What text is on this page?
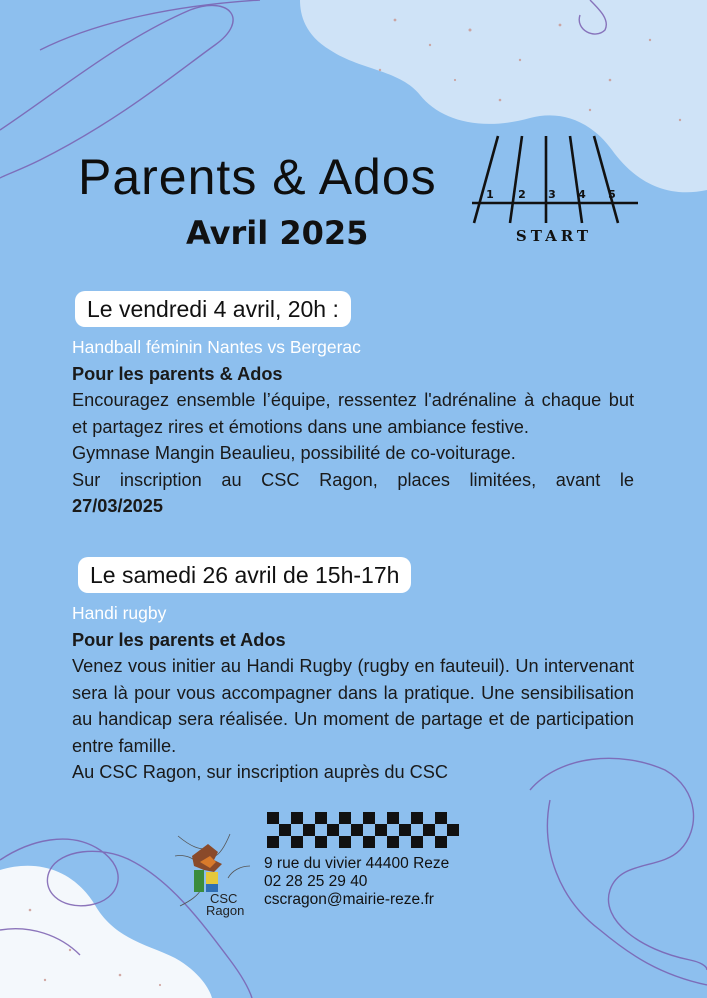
Parents & Ados
Avril 2025
1 2 3 4 5
START
Le vendredi 4 avril, 20h :
Handball féminin Nantes vs Bergerac
Pour les parents & Ados
Encouragez ensemble l’équipe, ressentez l'adrénaline à chaque but et partagez rires et émotions dans une ambiance festive.
Gymnase Mangin Beaulieu, possibilité de co-voiturage.
Sur inscription au CSC Ragon, places limitées, avant le
27/03/2025
Le samedi 26 avril de 15h-17h
Handi rugby
Pour les parents et Ados
Venez vous initier au Handi Rugby (rugby en fauteuil). Un intervenant sera là pour vous accompagner dans la pratique. Une sensibilisation au handicap sera réalisée. Un moment de partage et de participation entre famille.
Au CSC Ragon, sur inscription auprès du CSC
CSC
Ragon
9 rue du vivier 44400 Reze
02 28 25 29 40
cscragon@mairie-reze.fr
